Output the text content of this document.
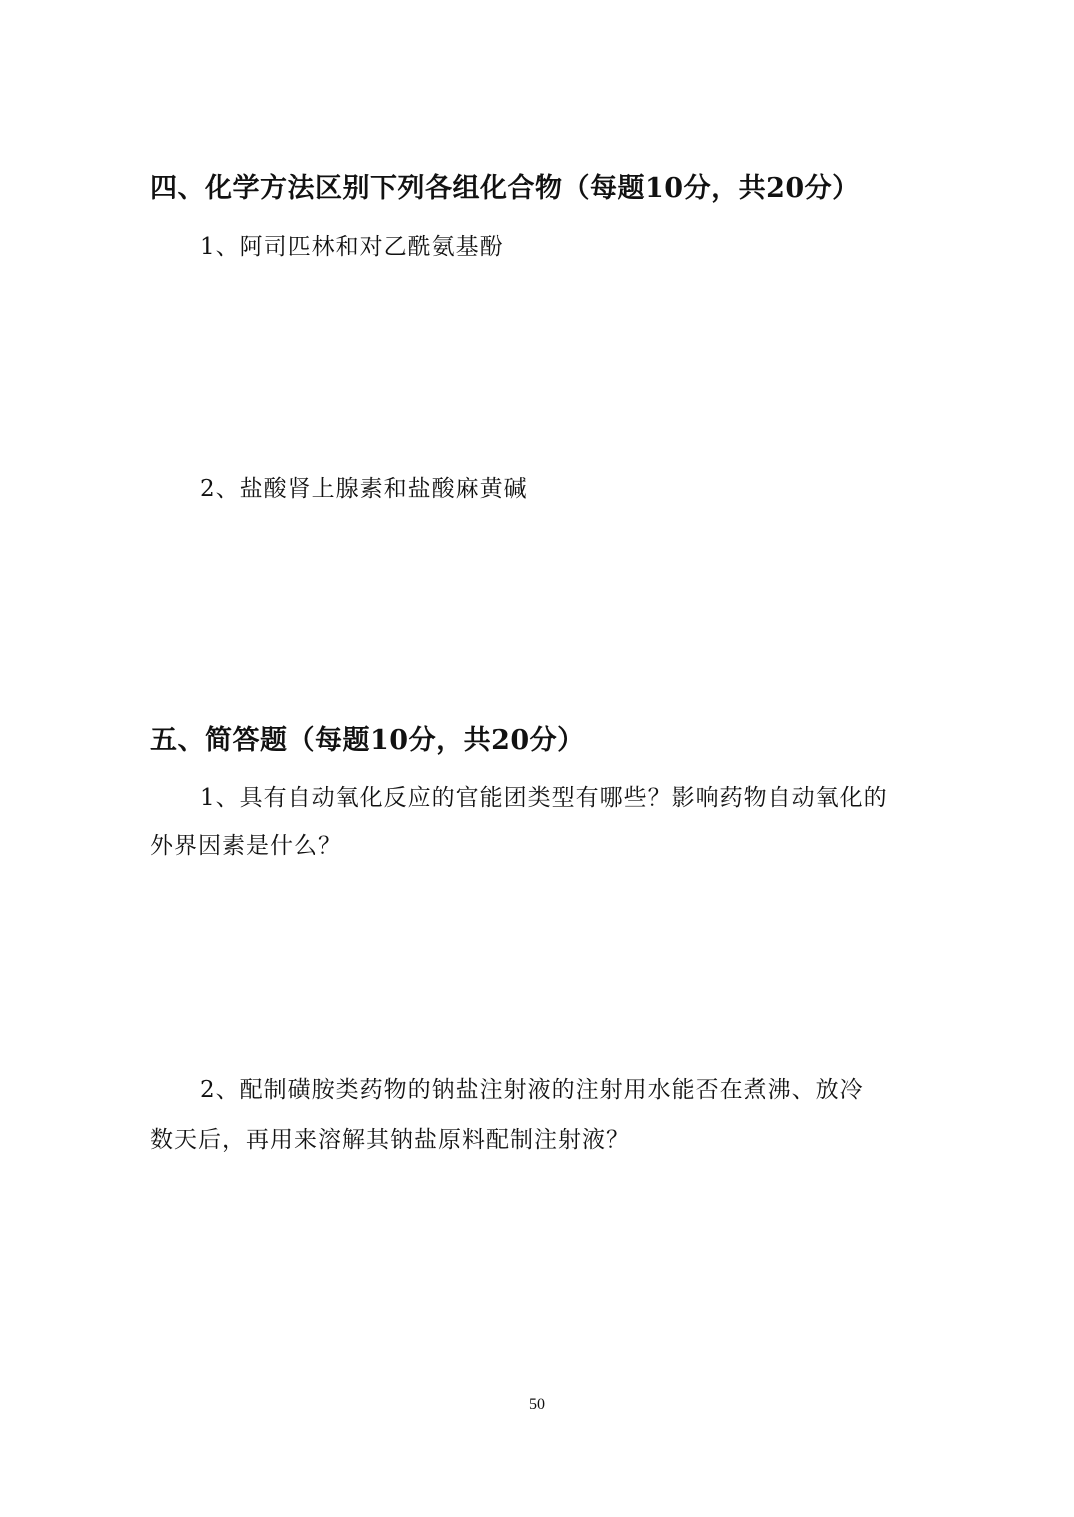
四、化学方法区别下列各组化合物（每题10分，共20分）
1、阿司匹林和对乙酰氨基酚
2、盐酸肾上腺素和盐酸麻黄碱
五、简答题（每题10分，共20分）
1、具有自动氧化反应的官能团类型有哪些？影响药物自动氧化的
外界因素是什么？
2、配制磺胺类药物的钠盐注射液的注射用水能否在煮沸、放冷
数天后，再用来溶解其钠盐原料配制注射液？
50
